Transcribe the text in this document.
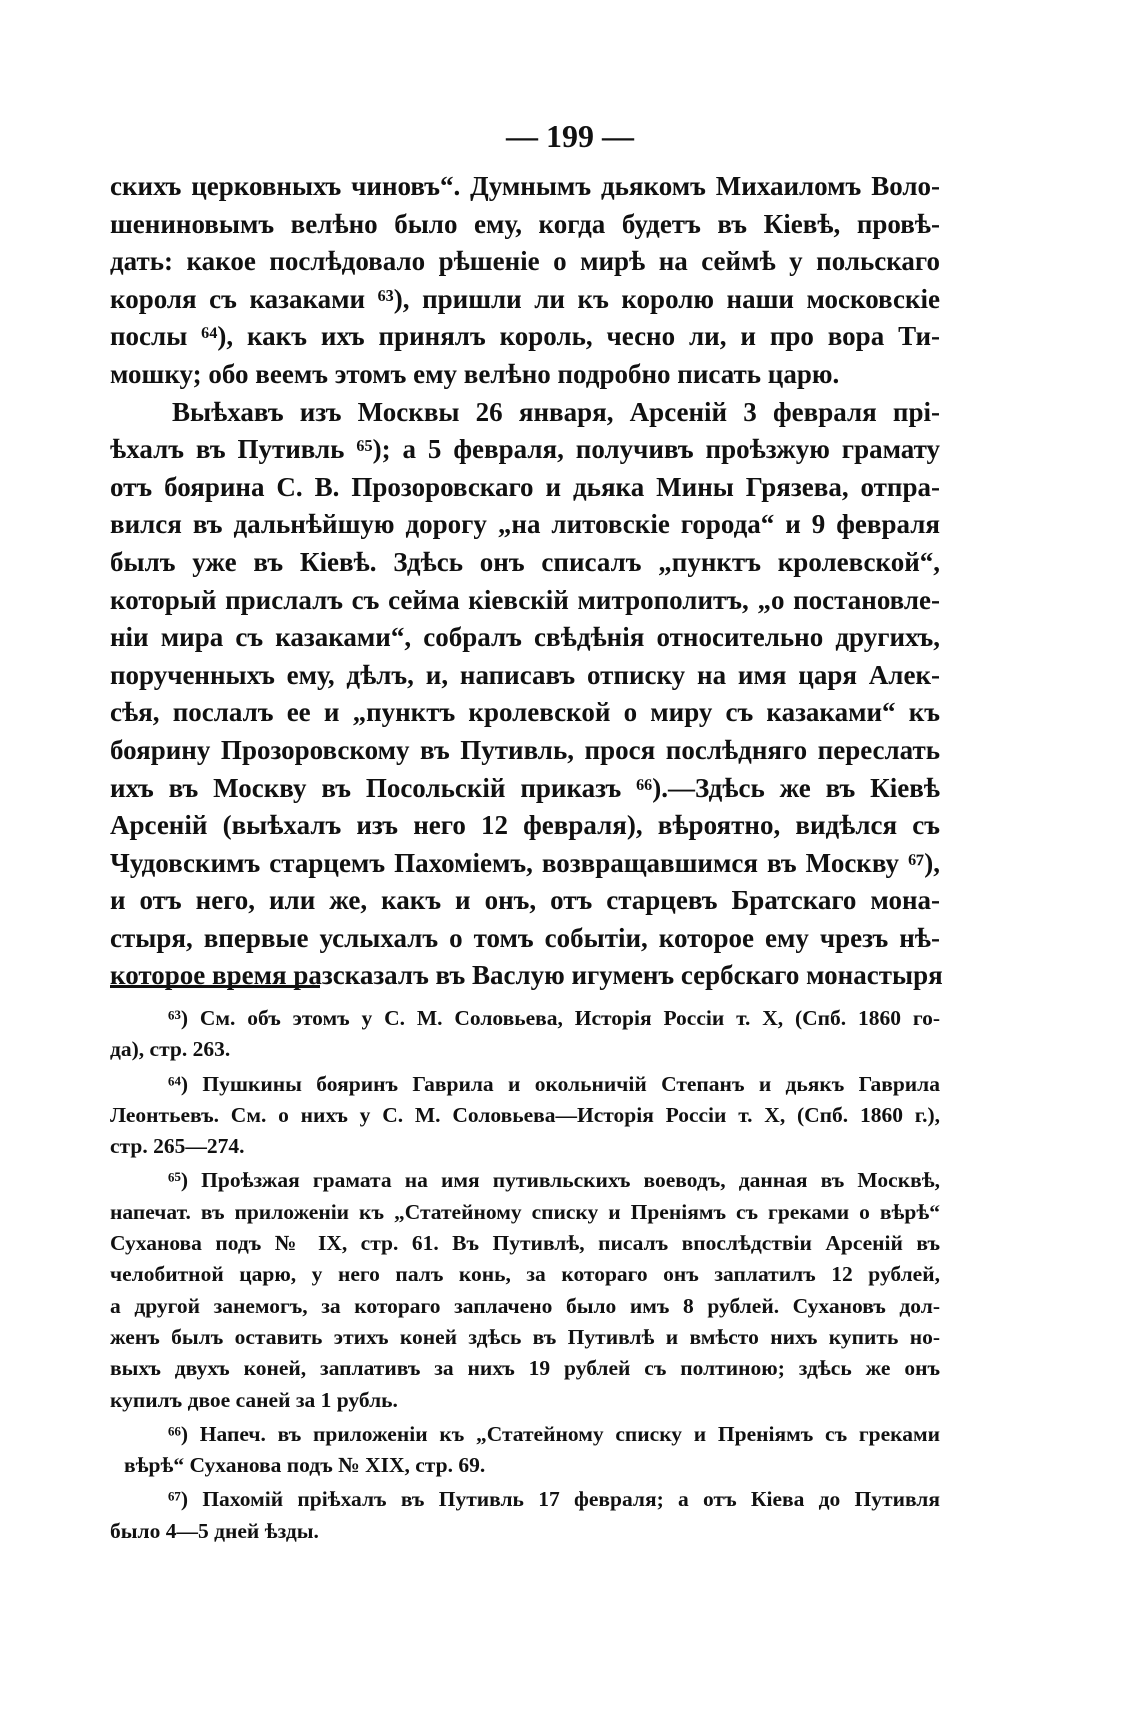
— 199 —
скихъ церковныхъ чиновъ“. Думнымъ дьякомъ Михаиломъ Воло-
шениновымъ велѣно было ему, когда будетъ въ Кіевѣ, провѣ-
дать: какое послѣдовало рѣшеніе о мирѣ на сеймѣ у польскаго
короля съ казаками ⁶³), пришли ли къ королю наши московскіе
послы ⁶⁴), какъ ихъ принялъ король, чесно ли, и про вора Ти-
мошку; обо веемъ этомъ ему велѣно подробно писать царю.
Выѣхавъ изъ Москвы 26 января, Арсеній 3 февраля прі-
ѣхалъ въ Путивль ⁶⁵); а 5 февраля, получивъ проѣзжую грамату
отъ боярина С. В. Прозоровскаго и дьяка Мины Грязева, отпра-
вился въ дальнѣйшую дорогу „на литовскіе города“ и 9 февраля
былъ уже въ Кіевѣ. Здѣсь онъ списалъ „пунктъ кролевской“,
который прислалъ съ сейма кіевскій митрополитъ, „о постановле-
ніи мира съ казаками“, собралъ свѣдѣнія относительно другихъ,
порученныхъ ему, дѣлъ, и, написавъ отписку на имя царя Алек-
сѣя, послалъ ее и „пунктъ кролевской о миру съ казаками“ къ
боярину Прозоровскому въ Путивль, прося послѣдняго переслать
ихъ въ Москву въ Посольскій приказъ ⁶⁶).—Здѣсь же въ Кіевѣ
Арсеній (выѣхалъ изъ него 12 февраля), вѣроятно, видѣлся съ
Чудовскимъ старцемъ Пахоміемъ, возвращавшимся въ Москву ⁶⁷),
и отъ него, или же, какъ и онъ, отъ старцевъ Братскаго мона-
стыря, впервые услыхалъ о томъ событіи, которое ему чрезъ нѣ-
которое время разсказалъ въ Васлую игуменъ сербскаго монастыря
⁶³) См. объ этомъ у С. М. Соловьева, Исторія Россіи т. X, (Спб. 1860 го-
да), стр. 263.
⁶⁴) Пушкины бояринъ Гаврила и окольничій Степанъ и дьякъ Гаврила
Леонтьевъ. См. о нихъ у С. М. Соловьева—Исторія Россіи т. X, (Спб. 1860 г.),
стр. 265—274.
⁶⁵) Проѣзжая грамата на имя путивльскихъ воеводъ, данная въ Москвѣ,
напечат. въ приложеніи къ „Статейному списку и Преніямъ съ греками о вѣрѣ“
Суханова подъ № IX, стр. 61. Въ Путивлѣ, писалъ впослѣдствіи Арсеній въ
челобитной царю, у него палъ конь, за котораго онъ заплатилъ 12 рублей,
а другой занемогъ, за котораго заплачено было имъ 8 рублей. Сухановъ дол-
женъ былъ оставить этихъ коней здѣсь въ Путивлѣ и вмѣсто нихъ купить но-
выхъ двухъ коней, заплативъ за нихъ 19 рублей съ полтиною; здѣсь же онъ
купилъ двое саней за 1 рубль.
⁶⁶) Напеч. въ приложеніи къ „Статейному списку и Преніямъ съ греками
вѣрѣ“ Суханова подъ № XIX, стр. 69.
⁶⁷) Пахомій пріѣхалъ въ Путивль 17 февраля; а отъ Кіева до Путивля
было 4—5 дней ѣзды.
